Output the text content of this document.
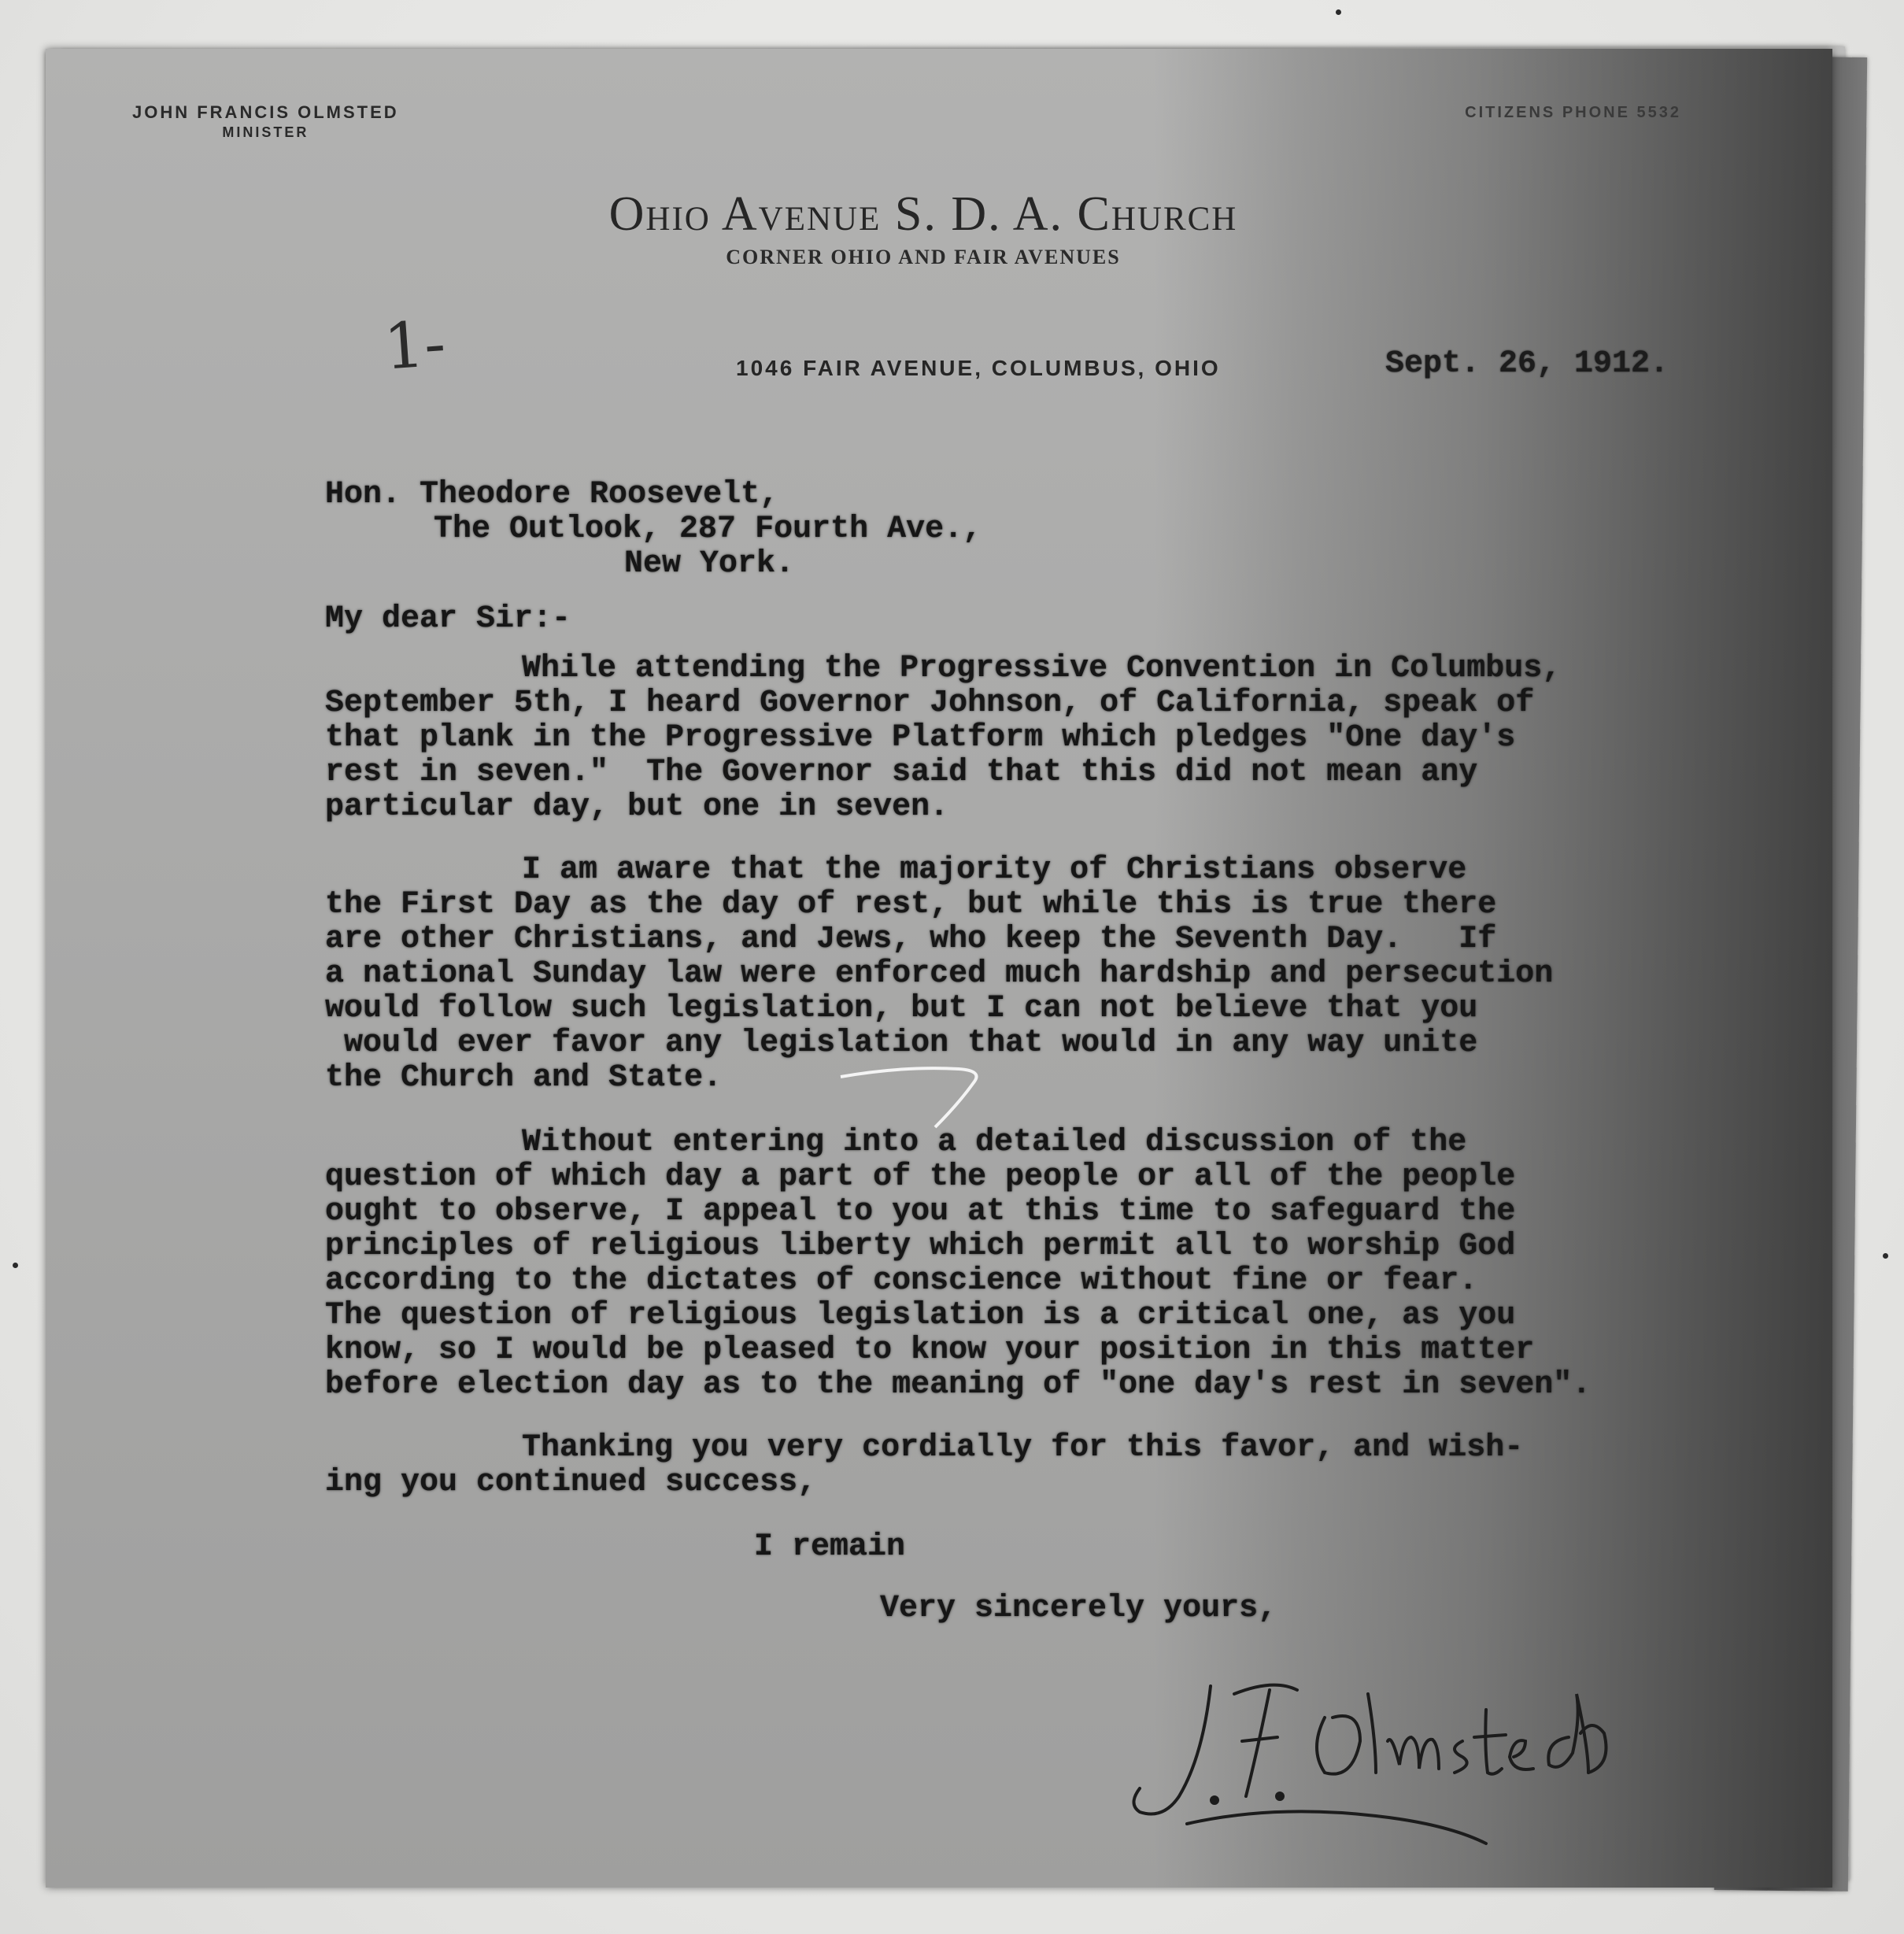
JOHN FRANCIS OLMSTED
MINISTER
CITIZENS PHONE 5532
Ohio Avenue S. D. A. Church
CORNER OHIO AND FAIR AVENUES
1-	1046 FAIR AVENUE, COLUMBUS, OHIO	Sept. 26, 1912.
Hon. Theodore Roosevelt,
The Outlook, 287 Fourth Ave.,
New York.
My dear Sir:-
While attending the Progressive Convention in Columbus,
September 5th, I heard Governor Johnson, of California, speak of
that plank in the Progressive Platform which pledges "One day's
rest in seven."  The Governor said that this did not mean any
particular day, but one in seven.
I am aware that the majority of Christians observe
the First Day as the day of rest, but while this is true there
are other Christians, and Jews, who keep the Seventh Day.   If
a national Sunday law were enforced much hardship and persecution
would follow such legislation, but I can not believe that you
would ever favor any legislation that would in any way unite
the Church and State.
Without entering into a detailed discussion of the
question of which day a part of the people or all of the people
ought to observe, I appeal to you at this time to safeguard the
principles of religious liberty which permit all to worship God
according to the dictates of conscience without fine or fear.
The question of religious legislation is a critical one, as you
know, so I would be pleased to know your position in this matter
before election day as to the meaning of "one day's rest in seven".
Thanking you very cordially for this favor, and wish-
ing you continued success,
I remain
Very sincerely yours,
